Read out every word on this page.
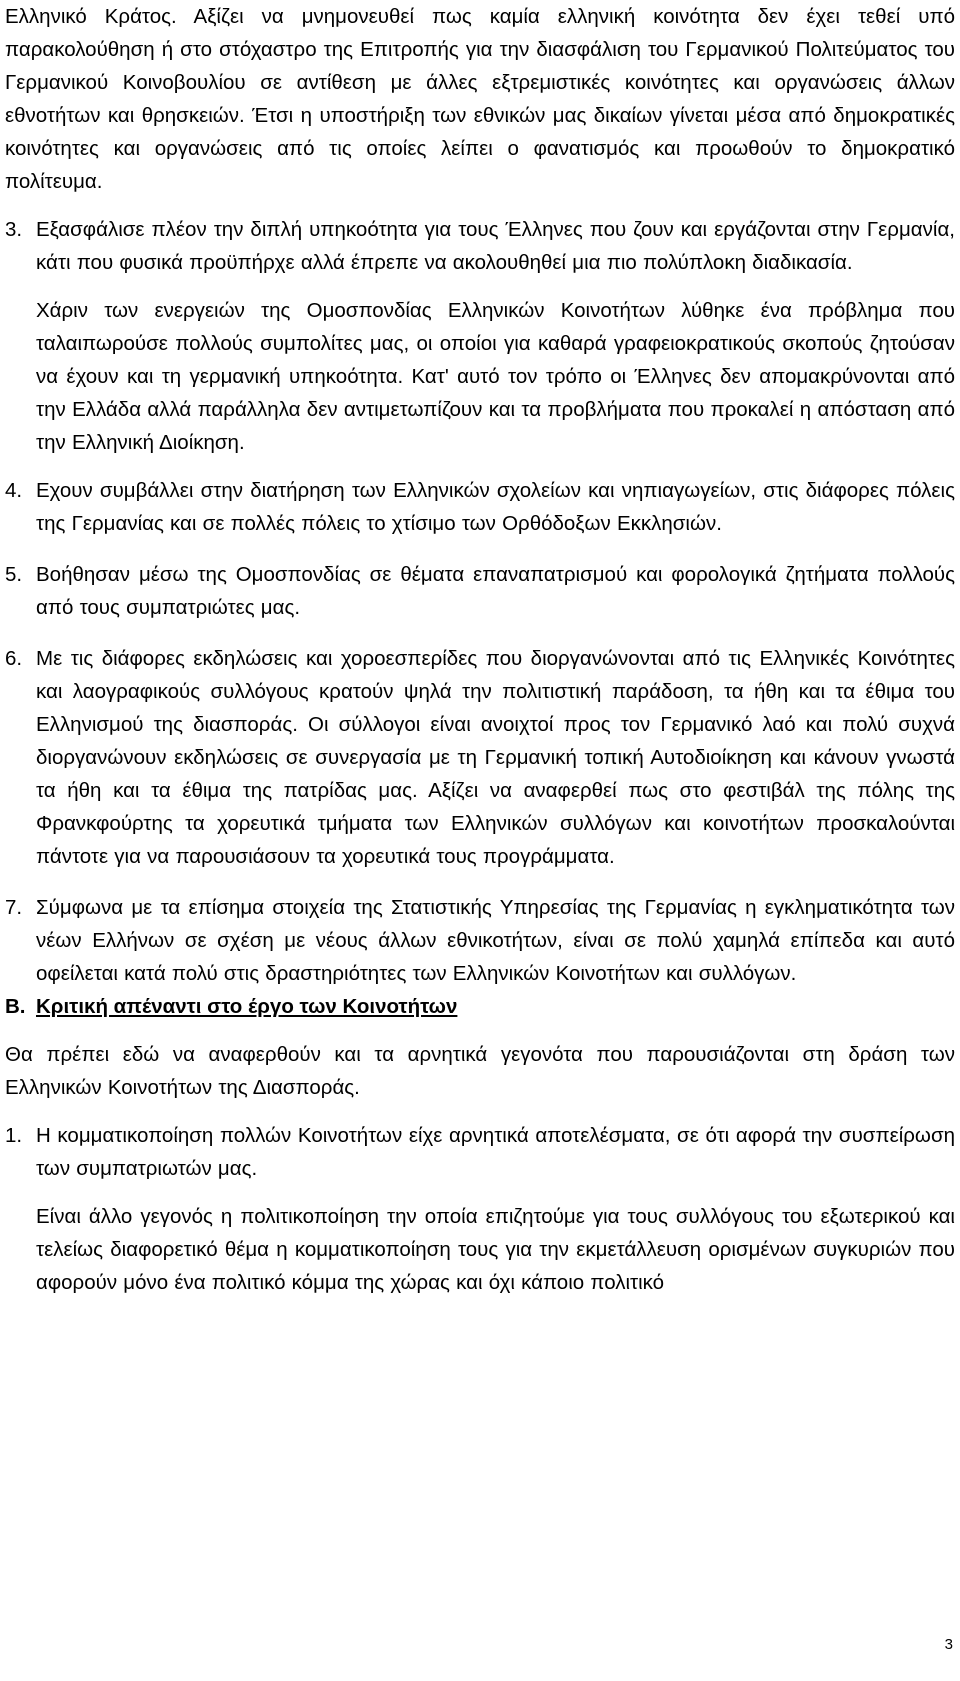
Ελληνικό Κράτος. Αξίζει να μνημονευθεί πως καμία ελληνική κοινότητα δεν έχει τεθεί υπό παρακολούθηση ή στο στόχαστρο της Επιτροπής για την διασφάλιση του Γερμανικού Πολιτεύματος του Γερμανικού Κοινοβουλίου σε αντίθεση με άλλες εξτρεμιστικές κοινότητες και οργανώσεις άλλων εθνοτήτων και θρησκειών. Έτσι η υποστήριξη των εθνικών μας δικαίων γίνεται μέσα από δημοκρατικές κοινότητες και οργανώσεις από τις οποίες λείπει ο φανατισμός και προωθούν το δημοκρατικό πολίτευμα.

3. Εξασφάλισε πλέον την διπλή υπηκοότητα για τους Έλληνες που ζουν και εργάζονται στην Γερμανία, κάτι που φυσικά προϋπήρχε αλλά έπρεπε να ακολουθηθεί μια πιο πολύπλοκη διαδικασία.

Χάριν των ενεργειών της Ομοσπονδίας Ελληνικών Κοινοτήτων λύθηκε ένα πρόβλημα που ταλαιπωρούσε πολλούς συμπολίτες μας, οι οποίοι για καθαρά γραφειοκρατικούς σκοπούς ζητούσαν να έχουν και τη γερμανική υπηκοότητα. Κατ' αυτό τον τρόπο οι Έλληνες δεν απομακρύνονται από την Ελλάδα αλλά παράλληλα δεν αντιμετωπίζουν και τα προβλήματα που προκαλεί η απόσταση από την Ελληνική Διοίκηση.

4. Εχουν συμβάλλει στην διατήρηση των Ελληνικών σχολείων και νηπιαγωγείων, στις διάφορες πόλεις της Γερμανίας και σε πολλές πόλεις το χτίσιμο των Ορθόδοξων Εκκλησιών.

5. Βοήθησαν μέσω της Ομοσπονδίας σε θέματα επαναπατρισμού και φορολογικά ζητήματα πολλούς από τους συμπατριώτες μας.

6. Με τις διάφορες εκδηλώσεις και χοροεσπερίδες που διοργανώνονται από τις Ελληνικές Κοινότητες και λαογραφικούς συλλόγους κρατούν ψηλά την πολιτιστική παράδοση, τα ήθη και τα έθιμα του Ελληνισμού της διασποράς. Οι σύλλογοι είναι ανοιχτοί προς τον Γερμανικό λαό και πολύ συχνά διοργανώνουν εκδηλώσεις σε συνεργασία με τη Γερμανική τοπική Αυτοδιοίκηση και κάνουν γνωστά τα ήθη και τα έθιμα της πατρίδας μας. Αξίζει να αναφερθεί πως στο φεστιβάλ της πόλης της Φρανκφούρτης τα χορευτικά τμήματα των Ελληνικών συλλόγων και κοινοτήτων προσκαλούνται πάντοτε για να παρουσιάσουν τα χορευτικά τους προγράμματα.

7. Σύμφωνα με τα επίσημα στοιχεία της Στατιστικής Υπηρεσίας της Γερμανίας η εγκληματικότητα των νέων Ελλήνων σε σχέση με νέους άλλων εθνικοτήτων, είναι σε πολύ χαμηλά επίπεδα και αυτό οφείλεται κατά πολύ στις δραστηριότητες των Ελληνικών Κοινοτήτων και συλλόγων.

B. Κριτική απέναντι στο έργο των Κοινοτήτων

Θα πρέπει εδώ να αναφερθούν και τα αρνητικά γεγονότα που παρουσιάζονται στη δράση των Ελληνικών Κοινοτήτων της Διασποράς.

1. Η κομματικοποίηση πολλών Κοινοτήτων είχε αρνητικά αποτελέσματα, σε ότι αφορά την συσπείρωση των συμπατριωτών μας.

Είναι άλλο γεγονός η πολιτικοποίηση την οποία επιζητούμε για τους συλλόγους του εξωτερικού και τελείως διαφορετικό θέμα η κομματικοποίηση τους για την εκμετάλλευση ορισμένων συγκυριών που αφορούν μόνο ένα πολιτικό κόμμα της χώρας και όχι κάποιο πολιτικό

3
